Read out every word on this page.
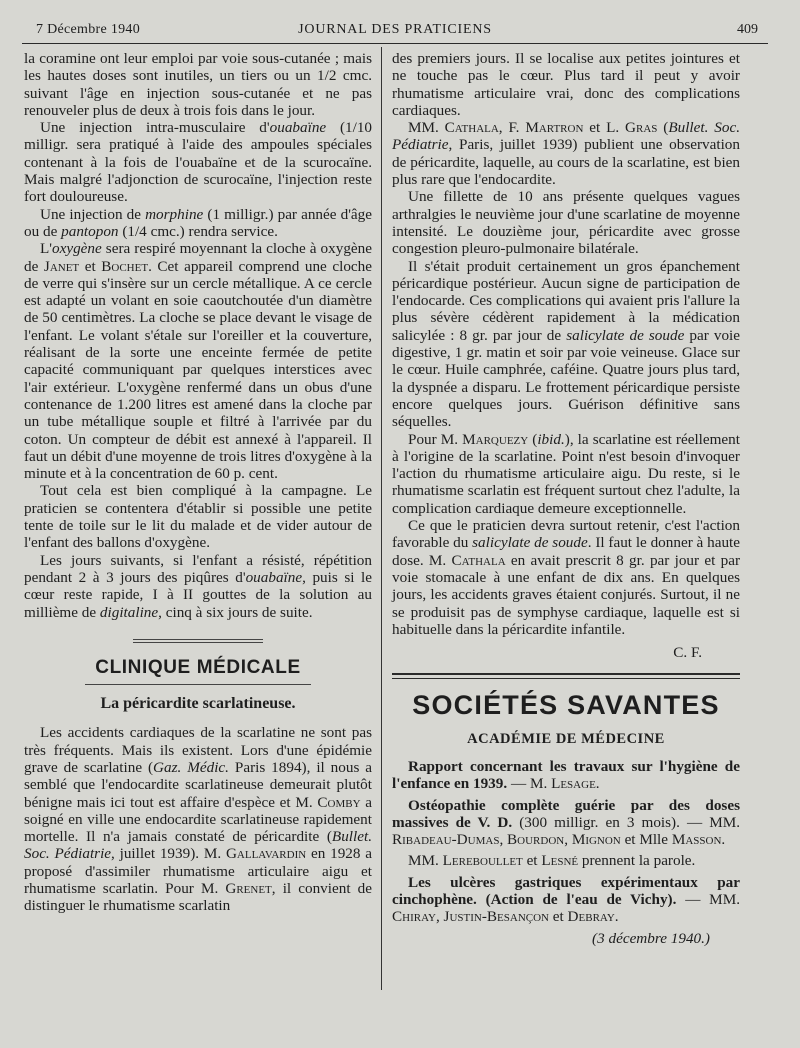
7 Décembre 1940	JOURNAL DES PRATICIENS	409

la coramine ont leur emploi par voie sous-cutanée ; mais les hautes doses sont inutiles, un tiers ou un 1/2 cmc. suivant l'âge en injection sous-cutanée et ne pas renouveler plus de deux à trois fois dans le jour.

Une injection intra-musculaire d'ouabaïne (1/10 milligr. sera pratiqué à l'aide des ampoules spéciales contenant à la fois de l'ouabaïne et de la scurocaïne. Mais malgré l'adjonction de scurocaïne, l'injection reste fort douloureuse.

Une injection de morphine (1 milligr.) par année d'âge ou de pantopon (1/4 cmc.) rendra service.

L'oxygène sera respiré moyennant la cloche à oxygène de Janet et Bochet. Cet appareil comprend une cloche de verre qui s'insère sur un cercle métallique. A ce cercle est adapté un volant en soie caoutchoutée d'un diamètre de 50 centimètres. La cloche se place devant le visage de l'enfant. Le volant s'étale sur l'oreiller et la couverture, réalisant de la sorte une enceinte fermée de petite capacité communiquant par quelques interstices avec l'air extérieur. L'oxygène renfermé dans un obus d'une contenance de 1.200 litres est amené dans la cloche par un tube métallique souple et filtré à l'arrivée par du coton. Un compteur de débit est annexé à l'appareil. Il faut un débit d'une moyenne de trois litres d'oxygène à la minute et à la concentration de 60 p. cent.

Tout cela est bien compliqué à la campagne. Le praticien se contentera d'établir si possible une petite tente de toile sur le lit du malade et de vider autour de l'enfant des ballons d'oxygène.

Les jours suivants, si l'enfant a résisté, répétition pendant 2 à 3 jours des piqûres d'ouabaïne, puis si le cœur reste rapide, I à II gouttes de la solution au millième de digitaline, cinq à six jours de suite.

CLINIQUE MÉDICALE
La péricardite scarlatineuse.

Les accidents cardiaques de la scarlatine ne sont pas très fréquents. Mais ils existent. Lors d'une épidémie grave de scarlatine (Gaz. Médic. Paris 1894), il nous a semblé que l'endocardite scarlatineuse demeurait plutôt bénigne mais ici tout est affaire d'espèce et M. Comby a soigné en ville une endocardite scarlatineuse rapidement mortelle. Il n'a jamais constaté de péricardite (Bullet. Soc. Pédiatrie, juillet 1939). M. Gallavardin en 1928 a proposé d'assimiler rhumatisme articulaire aigu et rhumatisme scarlatin. Pour M. Grenet, il convient de distinguer le rhumatisme scarlatin

des premiers jours. Il se localise aux petites jointures et ne touche pas le cœur. Plus tard il peut y avoir rhumatisme articulaire vrai, donc des complications cardiaques.

MM. Cathala, F. Martron et L. Gras (Bullet. Soc. Pédiatrie, Paris, juillet 1939) publient une observation de péricardite, laquelle, au cours de la scarlatine, est bien plus rare que l'endocardite.

Une fillette de 10 ans présente quelques vagues arthralgies le neuvième jour d'une scarlatine de moyenne intensité. Le douzième jour, péricardite avec grosse congestion pleuro-pulmonaire bilatérale.

Il s'était produit certainement un gros épanchement péricardique postérieur. Aucun signe de participation de l'endocarde. Ces complications qui avaient pris l'allure la plus sévère cédèrent rapidement à la médication salicylée : 8 gr. par jour de salicylate de soude par voie digestive, 1 gr. matin et soir par voie veineuse. Glace sur le cœur. Huile camphrée, caféine. Quatre jours plus tard, la dyspnée a disparu. Le frottement péricardique persiste encore quelques jours. Guérison définitive sans séquelles.

Pour M. Marquezy (ibid.), la scarlatine est réellement à l'origine de la scarlatine. Point n'est besoin d'invoquer l'action du rhumatisme articulaire aigu. Du reste, si le rhumatisme scarlatin est fréquent surtout chez l'adulte, la complication cardiaque demeure exceptionnelle.

Ce que le praticien devra surtout retenir, c'est l'action favorable du salicylate de soude. Il faut le donner à haute dose. M. Cathala en avait prescrit 8 gr. par jour et par voie stomacale à une enfant de dix ans. En quelques jours, les accidents graves étaient conjurés. Surtout, il ne se produisit pas de symphyse cardiaque, laquelle est si habituelle dans la péricardite infantile.

C. F.
SOCIÉTÉS SAVANTES
ACADÉMIE DE MÉDECINE

Rapport concernant les travaux sur l'hygiène de l'enfance en 1939. — M. Lesage.

Ostéopathie complète guérie par des doses massives de V. D. (300 milligr. en 3 mois). — MM. Ribadeau-Dumas, Bourdon, Mignon et Mlle Masson.

MM. Lereboullet et Lesné prennent la parole.

Les ulcères gastriques expérimentaux par cinchophène. (Action de l'eau de Vichy). — MM. Chiray, Justin-Besançon et Debray.

(3 décembre 1940.)
